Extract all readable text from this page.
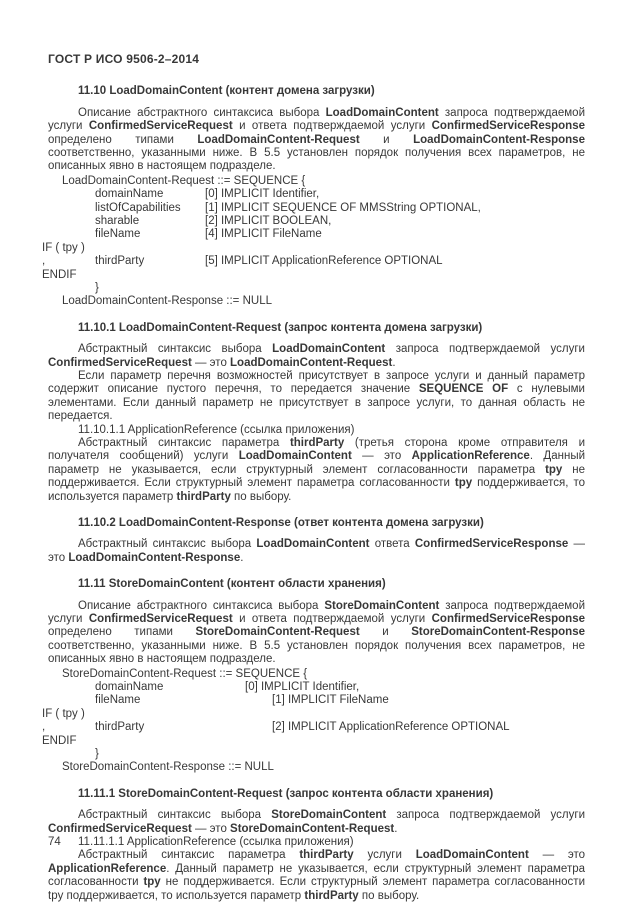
ГОСТ Р ИСО 9506-2–2014
11.10 LoadDomainContent (контент домена загрузки)

Описание абстрактного синтаксиса выбора LoadDomainContent запроса подтверждаемой услуги ConfirmedServiceRequest и ответа подтверждаемой услуги ConfirmedServiceResponse определено типами LoadDomainContent-Request и LoadDomainContent-Response соответственно, указанными ниже. В 5.5 установлен порядок получения всех параметров, не описанных явно в настоящем подразделе.

LoadDomainContent-Request ::= SEQUENCE {
domainName	[0] IMPLICIT Identifier,
listOfCapabilities [1] IMPLICIT SEQUENCE OF MMSString OPTIONAL,
sharable	[2] IMPLICIT BOOLEAN,
fileName	[4] IMPLICIT FileName
IF ( tpy )
,	thirdParty	[5] IMPLICIT ApplicationReference OPTIONAL
ENDIF
}
LoadDomainContent-Response ::= NULL
11.10.1 LoadDomainContent-Request (запрос контента домена загрузки)

Абстрактный синтаксис выбора LoadDomainContent запроса подтверждаемой услуги ConfirmedServiceRequest — это LoadDomainContent-Request.

Если параметр перечня возможностей присутствует в запросе услуги и данный параметр содержит описание пустого перечня, то передается значение SEQUENCE OF с нулевыми элементами. Если данный параметр не присутствует в запросе услуги, то данная область не передается.

11.10.1.1 ApplicationReference (ссылка приложения)

Абстрактный синтаксис параметра thirdParty (третья сторона кроме отправителя и получателя сообщений) услуги LoadDomainContent — это ApplicationReference. Данный параметр не указывается, если структурный элемент согласованности параметра tpy не поддерживается. Если структурный элемент параметра согласованности tpy поддерживается, то используется параметр thirdParty по выбору.

11.10.2 LoadDomainContent-Response (ответ контента домена загрузки)

Абстрактный синтаксис выбора LoadDomainContent ответа ConfirmedServiceResponse — это LoadDomainContent-Response.

11.11 StoreDomainContent (контент области хранения)

Описание абстрактного синтаксиса выбора StoreDomainContent запроса подтверждаемой услуги ConfirmedServiceRequest и ответа подтверждаемой услуги ConfirmedServiceResponse определено типами StoreDomainContent-Request и StoreDomainContent-Response соответственно, указанными ниже. В 5.5 установлен порядок получения всех параметров, не описанных явно в настоящем подразделе.

StoreDomainContent-Request ::= SEQUENCE {
domainName	[0] IMPLICIT Identifier,
fileName	[1] IMPLICIT FileName
IF ( tpy )
,	thirdParty	[2] IMPLICIT ApplicationReference OPTIONAL
ENDIF
}
StoreDomainContent-Response ::= NULL
11.11.1 StoreDomainContent-Request (запрос контента области хранения)

Абстрактный синтаксис выбора StoreDomainContent запроса подтверждаемой услуги ConfirmedServiceRequest — это StoreDomainContent-Request.

11.11.1.1 ApplicationReference (ссылка приложения)

Абстрактный синтаксис параметра thirdParty услуги LoadDomainContent — это ApplicationReference. Данный параметр не указывается, если структурный элемент параметра согласованности tpy не поддерживается. Если структурный элемент параметра согласованности tpy поддерживается, то используется параметр thirdParty по выбору.

74
